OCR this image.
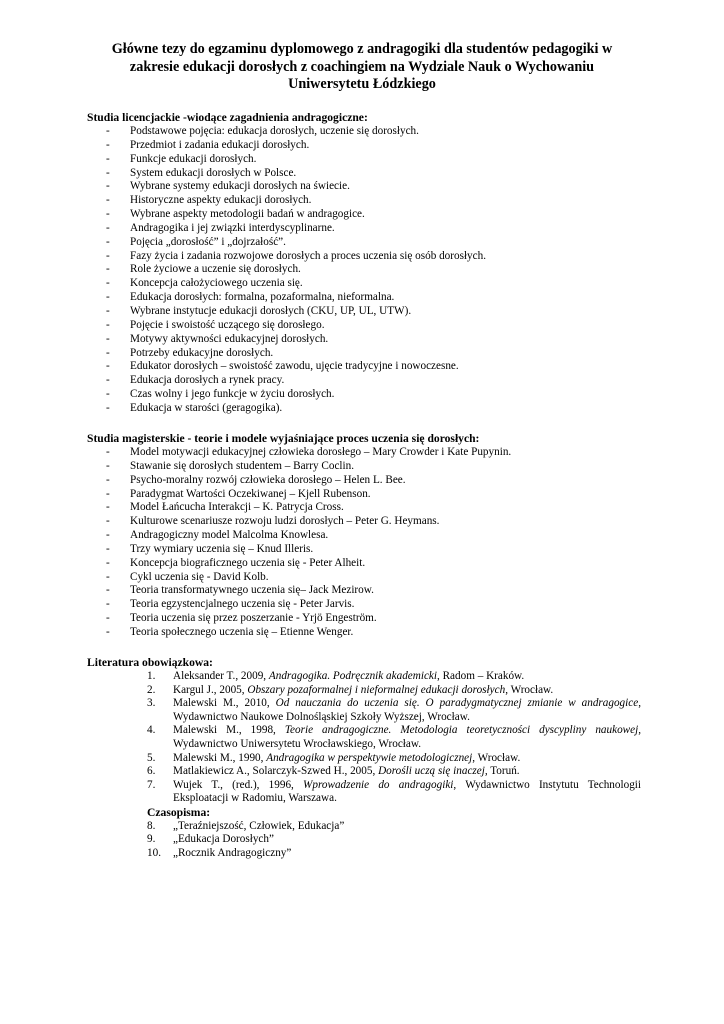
Główne tezy do egzaminu dyplomowego z andragogiki dla studentów pedagogiki w zakresie edukacji dorosłych z coachingiem na Wydziale Nauk o Wychowaniu Uniwersytetu Łódzkiego
Studia licencjackie -wiodące zagadnienia andragogiczne:
- Podstawowe pojęcia: edukacja dorosłych, uczenie się dorosłych.
- Przedmiot i zadania edukacji dorosłych.
- Funkcje edukacji dorosłych.
- System edukacji dorosłych w Polsce.
- Wybrane systemy edukacji dorosłych na świecie.
- Historyczne aspekty edukacji dorosłych.
- Wybrane aspekty metodologii badań w andragogice.
- Andragogika i jej związki interdyscyplinarne.
- Pojęcia „dorosłość” i „dojrzałość”.
- Fazy życia i zadania rozwojowe dorosłych a proces uczenia się osób dorosłych.
- Role życiowe a uczenie się dorosłych.
- Koncepcja całożyciowego uczenia się.
- Edukacja dorosłych: formalna, pozaformalna, nieformalna.
- Wybrane instytucje edukacji dorosłych (CKU, UP, UL, UTW).
- Pojęcie i swoistość uczącego się dorosłego.
- Motywy aktywności edukacyjnej dorosłych.
- Potrzeby edukacyjne dorosłych.
- Edukator dorosłych – swoistość zawodu, ujęcie tradycyjne i nowoczesne.
- Edukacja dorosłych a rynek pracy.
- Czas wolny i jego funkcje w życiu dorosłych.
- Edukacja w starości (geragogika).
Studia magisterskie - teorie i modele wyjaśniające proces uczenia się dorosłych:
- Model motywacji edukacyjnej człowieka dorosłego – Mary Crowder i Kate Pupynin.
- Stawanie się dorosłych studentem – Barry Coclin.
- Psycho-moralny rozwój człowieka dorosłego – Helen L. Bee.
- Paradygmat Wartości Oczekiwanej – Kjell Rubenson.
- Model Łańcucha Interakcji – K. Patrycja Cross.
- Kulturowe scenariusze rozwoju ludzi dorosłych – Peter G. Heymans.
- Andragogiczny model Malcolma Knowlesa.
- Trzy wymiary uczenia się – Knud Illeris.
- Koncepcja biograficznego uczenia się - Peter Alheit.
- Cykl uczenia się - David Kolb.
- Teoria transformatywnego uczenia się– Jack Mezirow.
- Teoria egzystencjalnego uczenia się - Peter Jarvis.
- Teoria uczenia się przez poszerzanie - Yrjö Engeström.
- Teoria społecznego uczenia się – Etienne Wenger.
Literatura obowiązkowa:
1. Aleksander T., 2009, Andragogika. Podręcznik akademicki, Radom – Kraków.
2. Kargul J., 2005, Obszary pozaformalnej i nieformalnej edukacji dorosłych, Wrocław.
3. Malewski M., 2010, Od nauczania do uczenia się. O paradygmatycznej zmianie w andragogice, Wydawnictwo Naukowe Dolnośląskiej Szkoły Wyższej, Wrocław.
4. Malewski M., 1998, Teorie andragogiczne. Metodologia teoretyczności dyscypliny naukowej, Wydawnictwo Uniwersytetu Wrocławskiego, Wrocław.
5. Malewski M., 1990, Andragogika w perspektywie metodologicznej, Wrocław.
6. Matlakiewicz A., Solarczyk-Szwed H., 2005, Dorośli uczą się inaczej, Toruń.
7. Wujek T., (red.), 1996, Wprowadzenie do andragogiki, Wydawnictwo Instytutu Technologii Eksploatacji w Radomiu, Warszawa.
Czasopisma:
8. „Teraźniejszość, Człowiek, Edukacja”
9. „Edukacja Dorosłych”
10. „Rocznik Andragogiczny”
